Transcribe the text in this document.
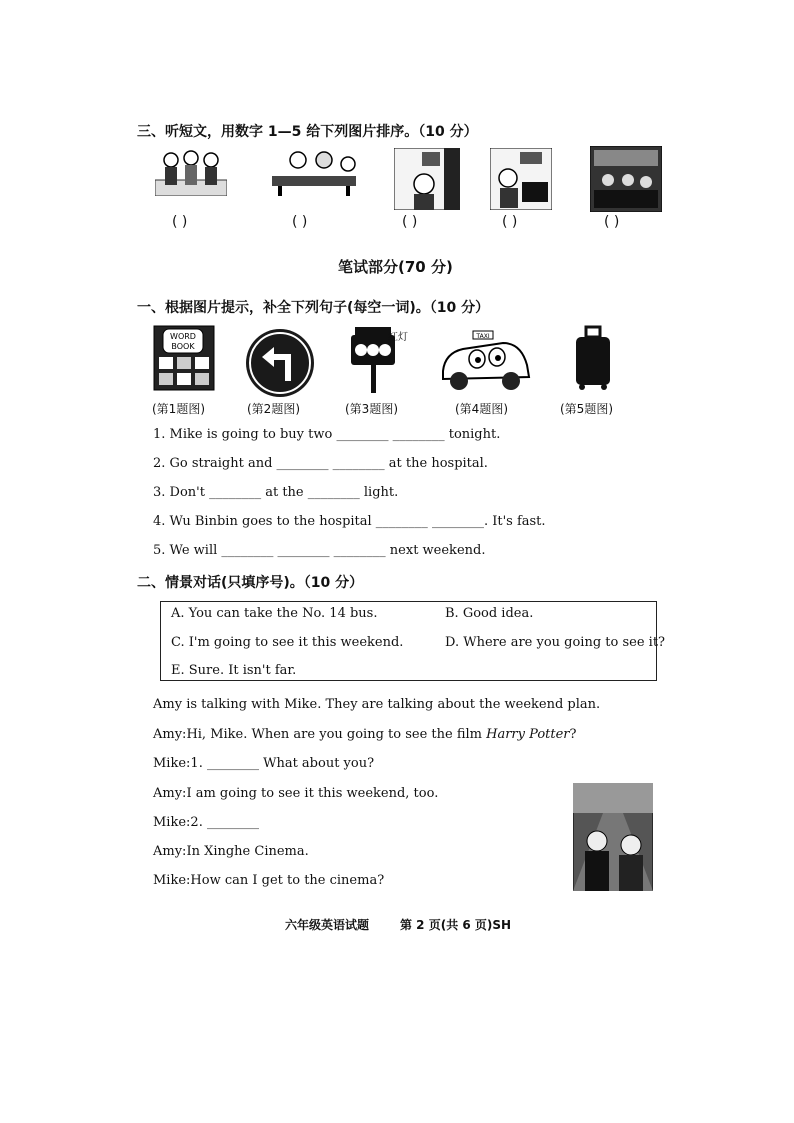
三、听短文，用数字 1—5 给下列图片排序。（10 分）
( )	( )	( )	( )	( )
笔试部分(70 分)
一、根据图片提示，补全下列句子(每空一词)。（10 分）
WORD
BOOK
红灯	TAXI
(第1题图)	(第2题图)	(第3题图)	(第4题图)	(第5题图)
1. Mike is going to buy two ________ ________ tonight.
2. Go straight and ________ ________ at the hospital.
3. Don't ________ at the ________ light.
4. Wu Binbin goes to the hospital ________ ________. It's fast.
5. We will ________ ________ ________ next weekend.
二、情景对话(只填序号)。（10 分）
A. You can take the No. 14 bus.	B. Good idea.
C. I'm going to see it this weekend.	D. Where are you going to see it?
E. Sure. It isn't far.
Amy is talking with Mike. They are talking about the weekend plan.
Amy:Hi, Mike. When are you going to see the film Harry Potter?
Mike:1. ________ What about you?
Amy:I am going to see it this weekend, too.
Mike:2. ________
Amy:In Xinghe Cinema.
Mike:How can I get to the cinema?
六年级英语试题	第 2 页(共 6 页)SH
